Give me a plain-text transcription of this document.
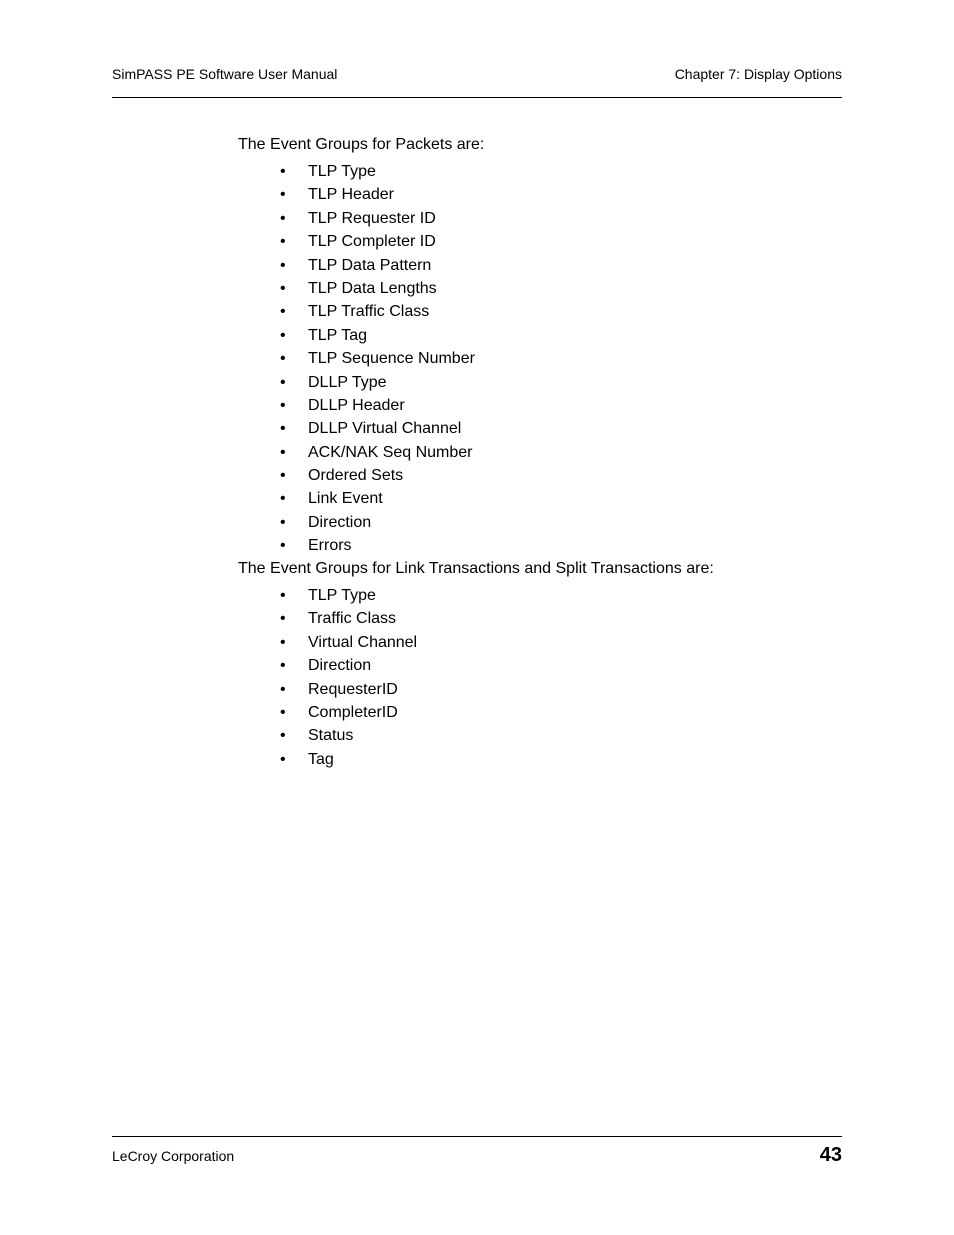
SimPASS PE Software User Manual	Chapter 7: Display Options

The Event Groups for Packets are:

• TLP Type
• TLP Header
• TLP Requester ID
• TLP Completer ID
• TLP Data Pattern
• TLP Data Lengths
• TLP Traffic Class
• TLP Tag
• TLP Sequence Number
• DLLP Type
• DLLP Header
• DLLP Virtual Channel
• ACK/NAK Seq Number
• Ordered Sets
• Link Event
• Direction
• Errors

The Event Groups for Link Transactions and Split Transactions are:

• TLP Type
• Traffic Class
• Virtual Channel
• Direction
• RequesterID
• CompleterID
• Status
• Tag
LeCroy Corporation	43
